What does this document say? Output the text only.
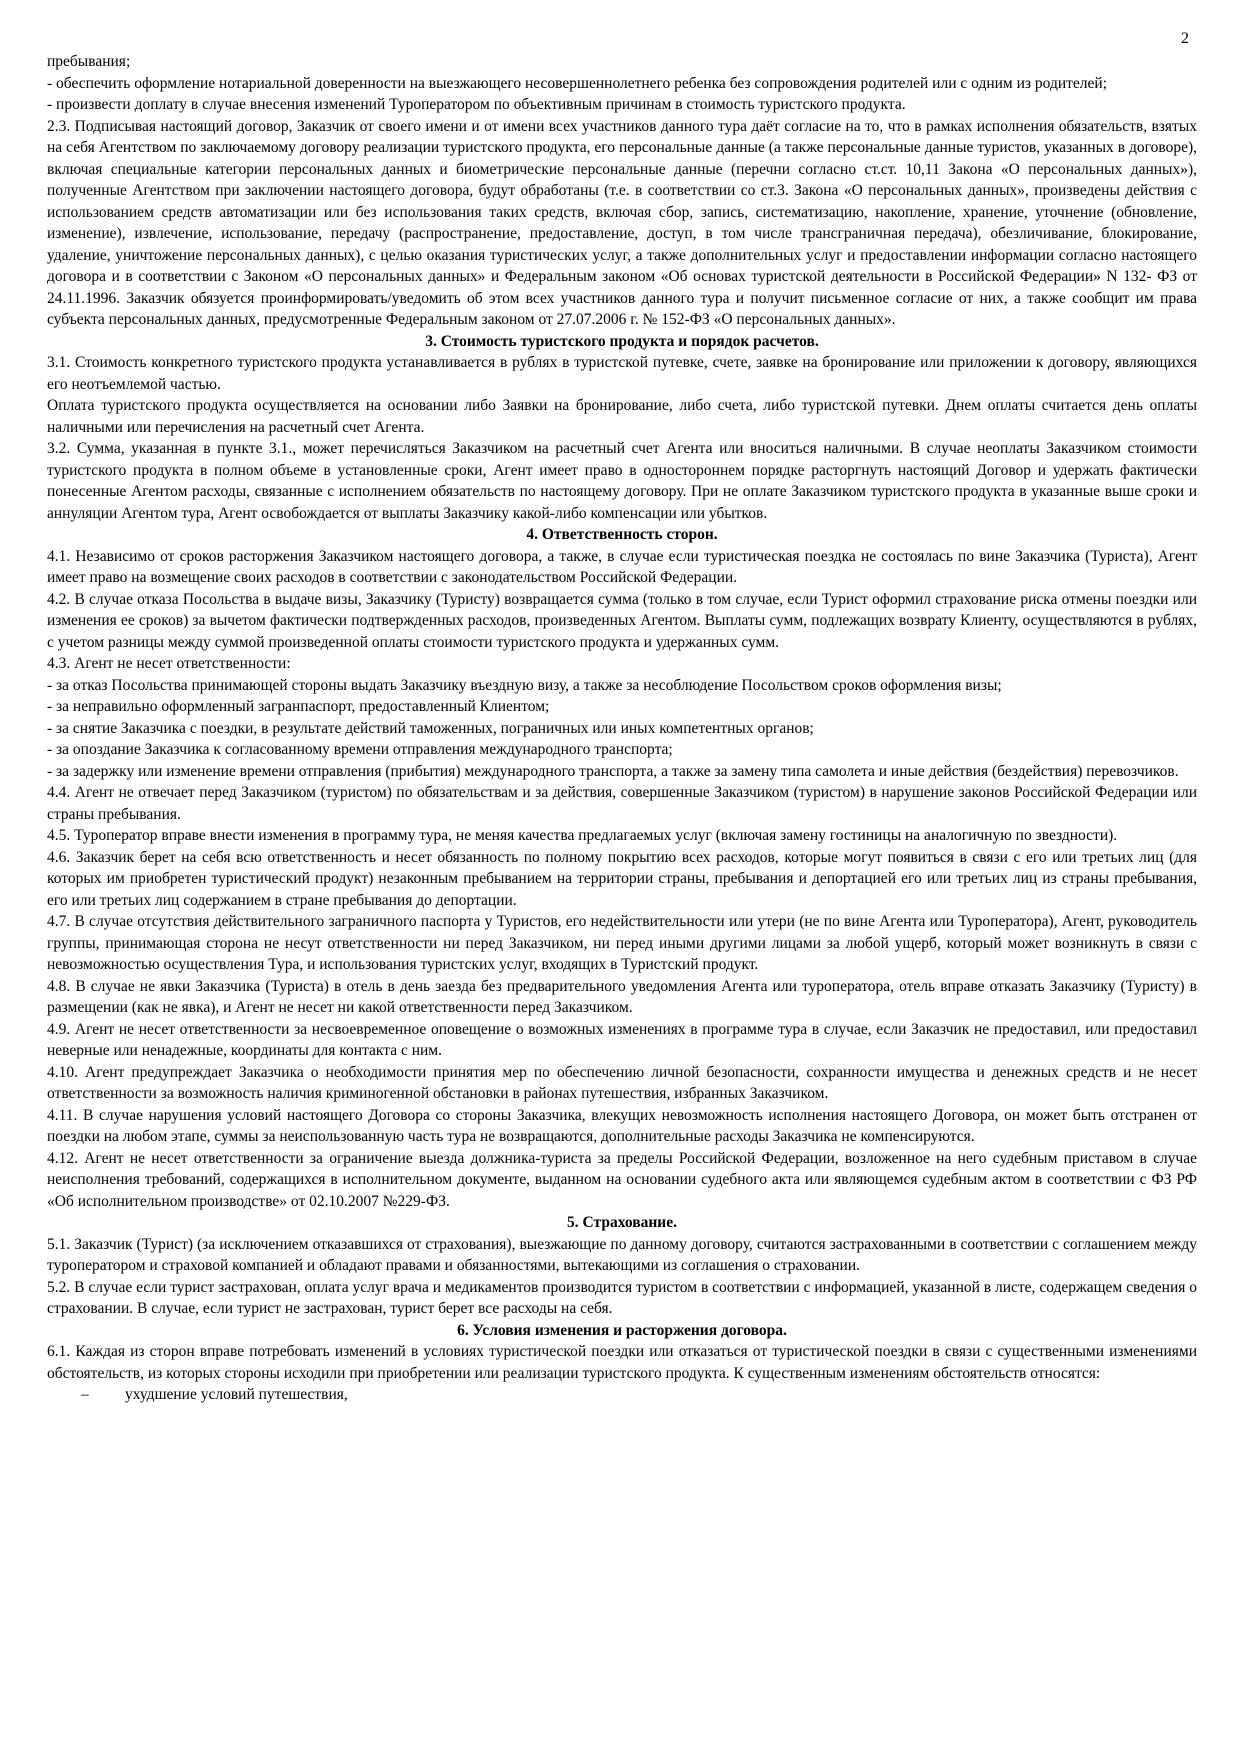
2

пребывания;

- обеспечить оформление нотариальной доверенности на выезжающего несовершеннолетнего ребенка без сопровождения родителей или с одним из родителей;

- произвести доплату в случае внесения изменений Туроператором по объективным причинам в стоимость туристского продукта.

2.3. Подписывая настоящий договор, Заказчик от своего имени и от имени всех участников данного тура даёт согласие на то, что в рамках исполнения обязательств, взятых на себя Агентством по заключаемому договору реализации туристского продукта, его персональные данные (а также персональные данные туристов, указанных в договоре), включая специальные категории персональных данных и биометрические персональные данные (перечни согласно ст.ст. 10,11 Закона «О персональных данных»), полученные Агентством при заключении настоящего договора, будут обработаны (т.е. в соответствии со ст.3. Закона «О персональных данных», произведены действия с использованием средств автоматизации или без использования таких средств, включая сбор, запись, систематизацию, накопление, хранение, уточнение (обновление, изменение), извлечение, использование, передачу (распространение, предоставление, доступ, в том числе трансграничная передача), обезличивание, блокирование, удаление, уничтожение персональных данных), с целью оказания туристических услуг, а также дополнительных услуг и предоставлении информации согласно настоящего договора и в соответствии с Законом «О персональных данных» и Федеральным законом «Об основах туристской деятельности в Российской Федерации» N 132- ФЗ от 24.11.1996. Заказчик обязуется проинформировать/уведомить об этом всех участников данного тура и получит письменное согласие от них, а также сообщит им права субъекта персональных данных, предусмотренные Федеральным законом от 27.07.2006 г. № 152-ФЗ «О персональных данных».

3. Стоимость туристского продукта и порядок расчетов.

3.1. Стоимость конкретного туристского продукта устанавливается в рублях в туристской путевке, счете, заявке на бронирование или приложении к договору, являющихся его неотъемлемой частью.

Оплата туристского продукта осуществляется на основании либо Заявки на бронирование, либо счета, либо туристской путевки. Днем оплаты считается день оплаты наличными или перечисления на расчетный счет Агента.

3.2. Сумма, указанная в пункте 3.1., может перечисляться Заказчиком на расчетный счет Агента или вноситься наличными. В случае неоплаты Заказчиком стоимости туристского продукта в полном объеме в установленные сроки, Агент имеет право в одностороннем порядке расторгнуть настоящий Договор и удержать фактически понесенные Агентом расходы, связанные с исполнением обязательств по настоящему договору. При не оплате Заказчиком туристского продукта в указанные выше сроки и аннуляции Агентом тура, Агент освобождается от выплаты Заказчику какой-либо компенсации или убытков.

4. Ответственность сторон.

4.1. Независимо от сроков расторжения Заказчиком настоящего договора, а также, в случае если туристическая поездка не состоялась по вине Заказчика (Туриста), Агент имеет право на возмещение своих расходов в соответствии с законодательством Российской Федерации.

4.2. В случае отказа Посольства в выдаче визы, Заказчику (Туристу) возвращается сумма (только в том случае, если Турист оформил страхование риска отмены поездки или изменения ее сроков) за вычетом фактически подтвержденных расходов, произведенных Агентом. Выплаты сумм, подлежащих возврату Клиенту, осуществляются в рублях, с учетом разницы между суммой произведенной оплаты стоимости туристского продукта и удержанных сумм.

4.3. Агент не несет ответственности:

- за отказ Посольства принимающей стороны выдать Заказчику въездную визу, а также за несоблюдение Посольством сроков оформления визы;

- за неправильно оформленный загранпаспорт, предоставленный Клиентом;

- за снятие Заказчика с поездки, в результате действий таможенных, пограничных или иных компетентных органов;

- за опоздание Заказчика к согласованному времени отправления международного транспорта;

- за задержку или изменение времени отправления (прибытия) международного транспорта, а также за замену типа самолета и иные действия (бездействия) перевозчиков.

4.4. Агент не отвечает перед Заказчиком (туристом) по обязательствам и за действия, совершенные Заказчиком (туристом) в нарушение законов Российской Федерации или страны пребывания.

4.5. Туроператор вправе внести изменения в программу тура, не меняя качества предлагаемых услуг (включая замену гостиницы на аналогичную по звездности).

4.6. Заказчик берет на себя всю ответственность и несет обязанность по полному покрытию всех расходов, которые могут появиться в связи с его или третьих лиц (для которых им приобретен туристический продукт) незаконным пребыванием на территории страны, пребывания и депортацией его или третьих лиц из страны пребывания, его или третьих лиц содержанием в стране пребывания до депортации.

4.7. В случае отсутствия действительного заграничного паспорта у Туристов, его недействительности или утери (не по вине Агента или Туроператора), Агент, руководитель группы, принимающая сторона не несут ответственности ни перед Заказчиком, ни перед иными другими лицами за любой ущерб, который может возникнуть в связи с невозможностью осуществления Тура, и использования туристских услуг, входящих в Туристский продукт.

4.8. В случае не явки Заказчика (Туриста) в отель в день заезда без предварительного уведомления Агента или туроператора, отель вправе отказать Заказчику (Туристу) в размещении (как не явка), и Агент не несет ни какой ответственности перед Заказчиком.

4.9. Агент не несет ответственности за несвоевременное оповещение о возможных изменениях в программе тура в случае, если Заказчик не предоставил, или предоставил неверные или ненадежные, координаты для контакта с ним.

4.10. Агент предупреждает Заказчика о необходимости принятия мер по обеспечению личной безопасности, сохранности имущества и денежных средств и не несет ответственности за возможность наличия криминогенной обстановки в районах путешествия, избранных Заказчиком.

4.11. В случае нарушения условий настоящего Договора со стороны Заказчика, влекущих невозможность исполнения настоящего Договора, он может быть отстранен от поездки на любом этапе, суммы за неиспользованную часть тура не возвращаются, дополнительные расходы Заказчика не компенсируются.

4.12. Агент не несет ответственности за ограничение выезда должника-туриста за пределы Российской Федерации, возложенное на него судебным приставом в случае неисполнения требований, содержащихся в исполнительном документе, выданном на основании судебного акта или являющемся судебным актом в соответствии с ФЗ РФ «Об исполнительном производстве» от 02.10.2007 №229-ФЗ.

5. Страхование.

5.1. Заказчик (Турист) (за исключением отказавшихся от страхования), выезжающие по данному договору, считаются застрахованными в соответствии с соглашением между туроператором и страховой компанией и обладают правами и обязанностями, вытекающими из соглашения о страховании.

5.2. В случае если турист застрахован, оплата услуг врача и медикаментов производится туристом в соответствии с информацией, указанной в листе, содержащем сведения о страховании. В случае, если турист не застрахован, турист берет все расходы на себя.

6. Условия изменения и расторжения договора.

6.1. Каждая из сторон вправе потребовать изменений в условиях туристической поездки или отказаться от туристической поездки в связи с существенными изменениями обстоятельств, из которых стороны исходили при приобретении или реализации туристского продукта. К существенным изменениям обстоятельств относятся:

– ухудшение условий путешествия,
